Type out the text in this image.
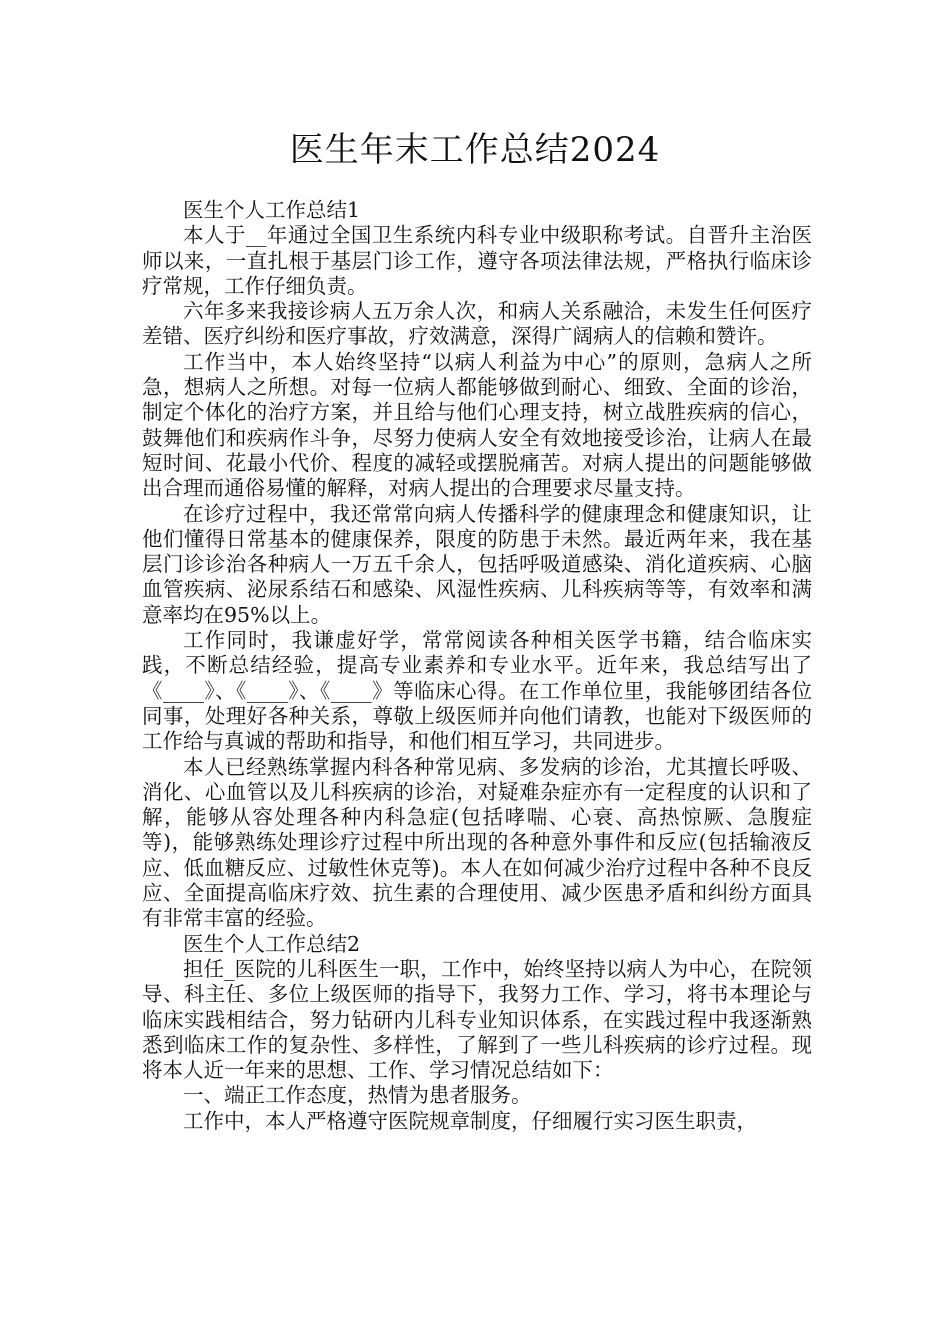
医生年末工作总结2024

医生个人工作总结1

本人于__年通过全国卫生系统内科专业中级职称考试。自晋升主治医师以来，一直扎根于基层门诊工作，遵守各项法律法规，严格执行临床诊疗常规，工作仔细负责。

六年多来我接诊病人五万余人次，和病人关系融洽，未发生任何医疗差错、医疗纠纷和医疗事故，疗效满意，深得广阔病人的信赖和赞许。

工作当中，本人始终坚持“以病人利益为中心”的原则，急病人之所急，想病人之所想。对每一位病人都能够做到耐心、细致、全面的诊治，制定个体化的治疗方案，并且给与他们心理支持，树立战胜疾病的信心，鼓舞他们和疾病作斗争，尽努力使病人安全有效地接受诊治，让病人在最短时间、花最小代价、程度的减轻或摆脱痛苦。对病人提出的问题能够做出合理而通俗易懂的解释，对病人提出的合理要求尽量支持。

在诊疗过程中，我还常常向病人传播科学的健康理念和健康知识，让他们懂得日常基本的健康保养，限度的防患于未然。最近两年来，我在基层门诊诊治各种病人一万五千余人，包括呼吸道感染、消化道疾病、心脑血管疾病、泌尿系结石和感染、风湿性疾病、儿科疾病等等，有效率和满意率均在95%以上。

工作同时，我谦虚好学，常常阅读各种相关医学书籍，结合临床实践，不断总结经验，提高专业素养和专业水平。近年来，我总结写出了《____》、《____》、《____》等临床心得。在工作单位里，我能够团结各位同事，处理好各种关系，尊敬上级医师并向他们请教，也能对下级医师的工作给与真诚的帮助和指导，和他们相互学习，共同进步。

本人已经熟练掌握内科各种常见病、多发病的诊治，尤其擅长呼吸、消化、心血管以及儿科疾病的诊治，对疑难杂症亦有一定程度的认识和了解，能够从容处理各种内科急症(包括哮喘、心衰、高热惊厥、急腹症等)，能够熟练处理诊疗过程中所出现的各种意外事件和反应(包括输液反应、低血糖反应、过敏性休克等)。本人在如何减少治疗过程中各种不良反应、全面提高临床疗效、抗生素的合理使用、减少医患矛盾和纠纷方面具有非常丰富的经验。

医生个人工作总结2

担任_医院的儿科医生一职，工作中，始终坚持以病人为中心，在院领导、科主任、多位上级医师的指导下，我努力工作、学习，将书本理论与临床实践相结合，努力钻研内儿科专业知识体系，在实践过程中我逐渐熟悉到临床工作的复杂性、多样性，了解到了一些儿科疾病的诊疗过程。现将本人近一年来的思想、工作、学习情况总结如下：

一、端正工作态度，热情为患者服务。

工作中，本人严格遵守医院规章制度，仔细履行实习医生职责，
